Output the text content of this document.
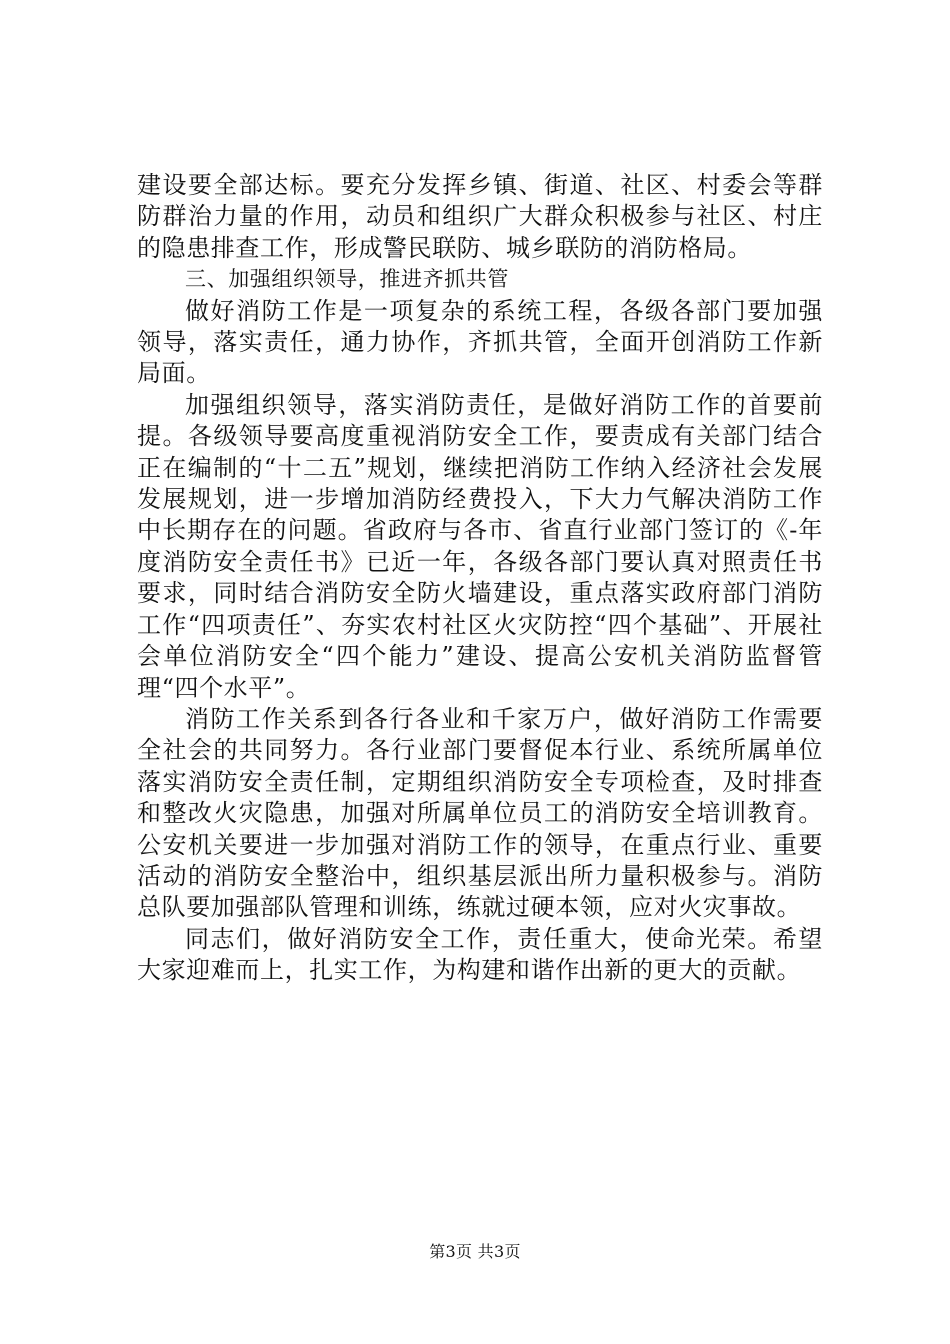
建设要全部达标。要充分发挥乡镇、街道、社区、村委会等群防群治力量的作用，动员和组织广大群众积极参与社区、村庄的隐患排查工作，形成警民联防、城乡联防的消防格局。

三、加强组织领导，推进齐抓共管

做好消防工作是一项复杂的系统工程，各级各部门要加强领导，落实责任，通力协作，齐抓共管，全面开创消防工作新局面。

加强组织领导，落实消防责任，是做好消防工作的首要前提。各级领导要高度重视消防安全工作，要责成有关部门结合正在编制的“十二五”规划，继续把消防工作纳入经济社会发展发展规划，进一步增加消防经费投入，下大力气解决消防工作中长期存在的问题。省政府与各市、省直行业部门签订的《-年度消防安全责任书》已近一年，各级各部门要认真对照责任书要求，同时结合消防安全防火墙建设，重点落实政府部门消防工作“四项责任”、夯实农村社区火灾防控“四个基础”、开展社会单位消防安全“四个能力”建设、提高公安机关消防监督管理“四个水平”。

消防工作关系到各行各业和千家万户，做好消防工作需要全社会的共同努力。各行业部门要督促本行业、系统所属单位落实消防安全责任制，定期组织消防安全专项检查，及时排查和整改火灾隐患，加强对所属单位员工的消防安全培训教育。公安机关要进一步加强对消防工作的领导，在重点行业、重要活动的消防安全整治中，组织基层派出所力量积极参与。消防总队要加强部队管理和训练，练就过硬本领，应对火灾事故。

同志们，做好消防安全工作，责任重大，使命光荣。希望大家迎难而上，扎实工作，为构建和谐作出新的更大的贡献。

第3页 共3页
